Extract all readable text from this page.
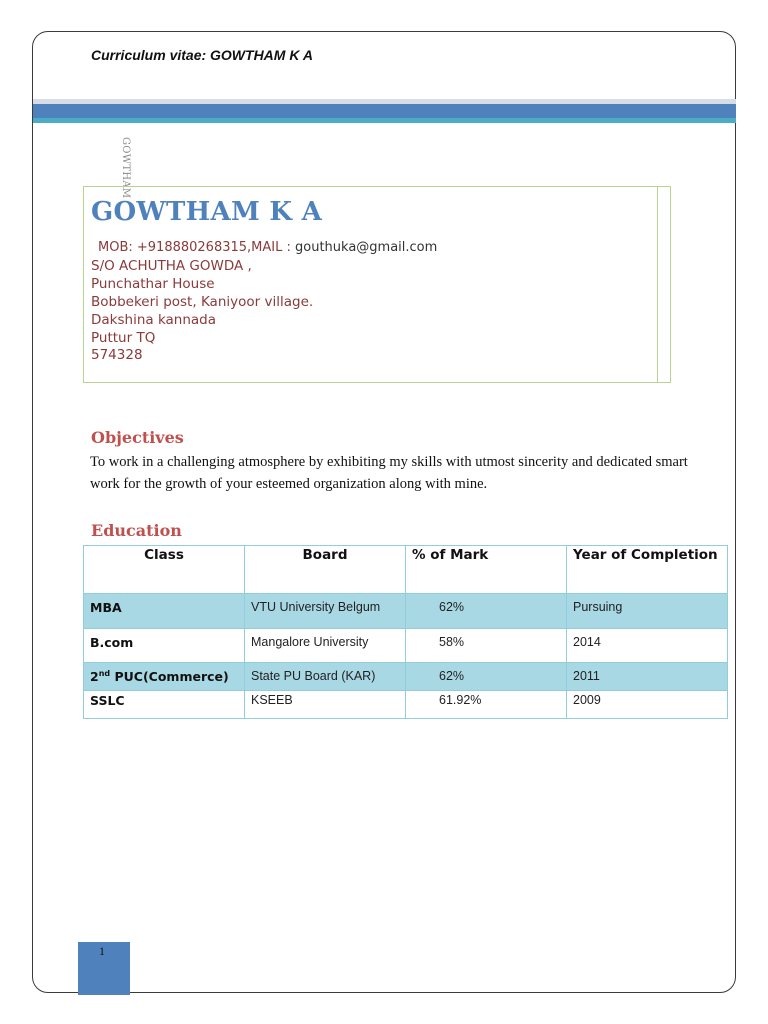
Curriculum vitae: GOWTHAM K A
GOWTHAM
GOWTHAM K A
MOB: +918880268315,MAIL : gouthuka@gmail.com
S/O ACHUTHA GOWDA ,
Punchathar House
Bobbekeri post, Kaniyoor village.
Dakshina kannada
Puttur TQ
574328
Objectives
To work in a challenging atmosphere by exhibiting my skills with utmost sincerity and dedicated smart work for the growth of your esteemed organization along with mine.
Education
Class	Board	% of Mark	Year of Completion
MBA	VTU University Belgum	62%	Pursuing
B.com	Mangalore University	58%	2014
2nd PUC(Commerce)	State PU Board (KAR)	62%	2011
SSLC	KSEEB	61.92%	2009
1
